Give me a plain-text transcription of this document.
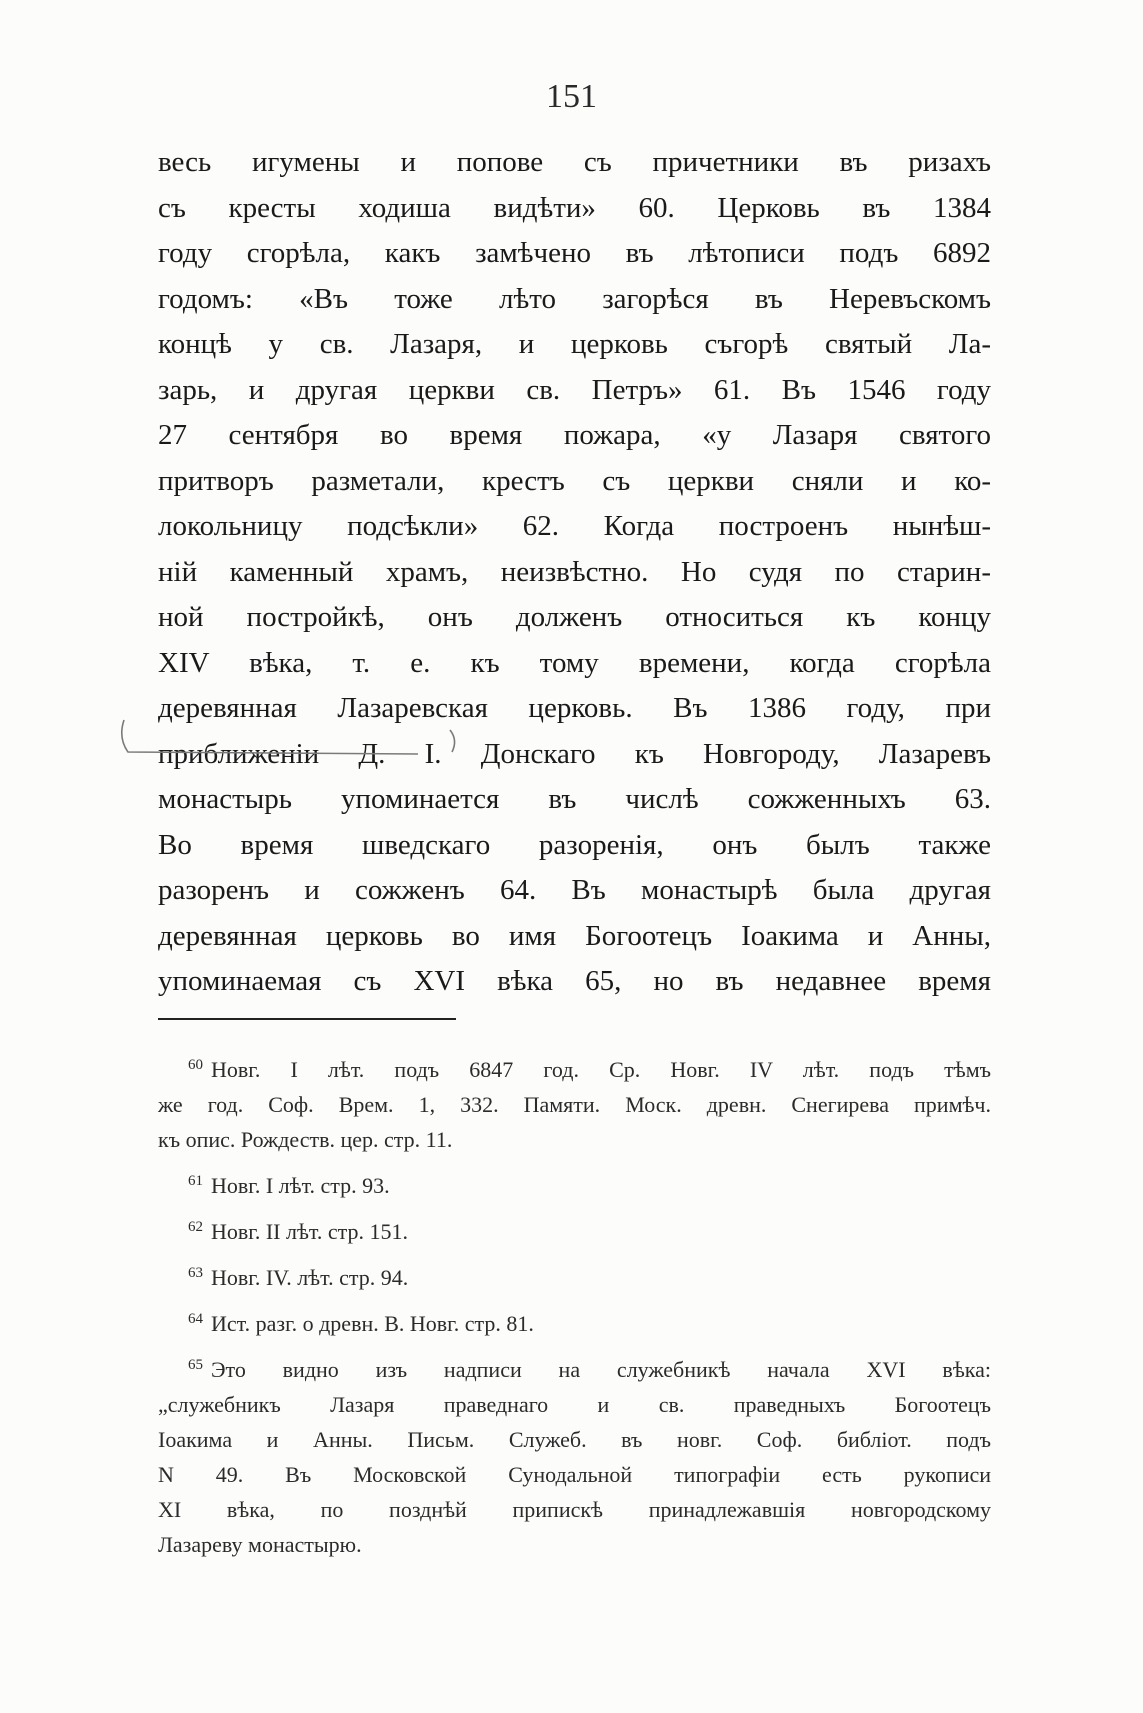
151
весь игумены и попове съ причетники въ ризахъ
съ кресты ходиша видѣти» 60. Церковь въ 1384
году сгорѣла, какъ замѣчено въ лѣтописи подъ 6892
годомъ: «Въ тоже лѣто загорѣся въ Неревъскомъ
концѣ у св. Лазаря, и церковь съгорѣ святый Ла-
зарь, и другая церкви св. Петръ» 61. Въ 1546 году
27 сентября во время пожара, «у Лазаря святого
притворъ разметали, крестъ съ церкви сняли и ко-
локольницу подсѣкли» 62. Когда построенъ нынѣш-
ній каменный храмъ, неизвѣстно. Но судя по старин-
ной постройкѣ, онъ долженъ относиться къ концу
XIV вѣка, т. е. къ тому времени, когда сгорѣла
деревянная Лазаревская церковь. Въ 1386 году, при
приближеніи Д. I. Донскаго къ Новгороду, Лазаревъ
монастырь упоминается въ числѣ сожженныхъ 63.
Во время шведскаго разоренія, онъ былъ также
разоренъ и сожженъ 64. Въ монастырѣ была другая
деревянная церковь во имя Богоотецъ Іоакима и Анны,
упоминаемая съ XVI вѣка 65, но въ недавнее время
$^{60}$ Новг. I лѣт. подъ 6847 год. Ср. Новг. IV лѣт. подъ тѣмъ
же год. Соф. Врем. 1, 332. Памяти. Моск. древн. Снегирева примѣч.
къ опис. Рождеств. цер. стр. 11.
$^{61}$ Новг. I лѣт. стр. 93.
$^{62}$ Новг. II лѣт. стр. 151.
$^{63}$ Новг. IV. лѣт. стр. 94.
$^{64}$ Ист. разг. о древн. В. Новг. стр. 81.
$^{65}$ Это видно изъ надписи на служебникѣ начала XVI вѣка:
„служебникъ Лазаря праведнаго и св. праведныхъ Богоотецъ
Іоакима и Анны. Письм. Служеб. въ новг. Соф. библіот. подъ
N 49. Въ Московской Сунодальной типографіи есть рукописи
XI вѣка, по позднѣй припискѣ принадлежавшія новгородскому
Лазареву монастырю.
